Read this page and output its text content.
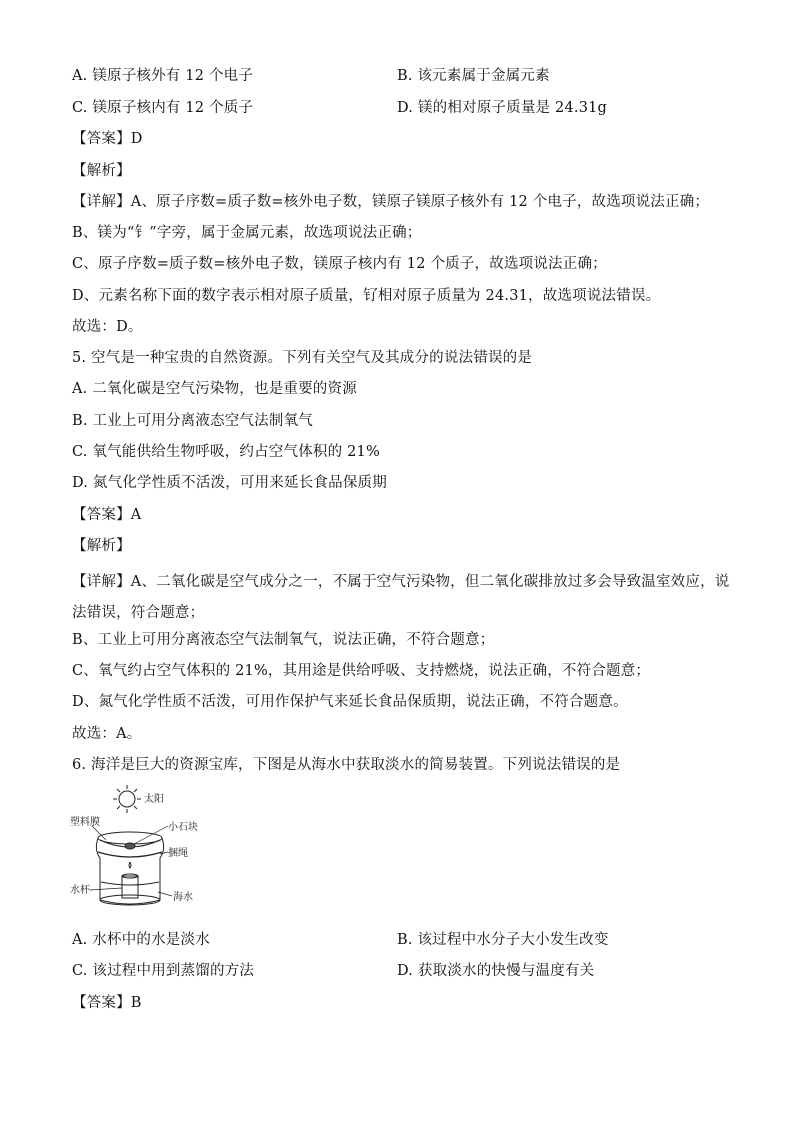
A. 镁原子核外有 12 个电子	B. 该元素属于金属元素
C. 镁原子核内有 12 个质子	D. 镁的相对原子质量是 24.31g
【答案】D
【解析】
【详解】A、原子序数=质子数=核外电子数，镁原子镁原子核外有 12 个电子，故选项说法正确；
B、镁为“钅”字旁，属于金属元素，故选项说法正确；
C、原子序数=质子数=核外电子数，镁原子核内有 12 个质子，故选项说法正确；
D、元素名称下面的数字表示相对原子质量，钌相对原子质量为 24.31，故选项说法错误。
故选：D。
5. 空气是一种宝贵的自然资源。下列有关空气及其成分的说法错误的是
A. 二氧化碳是空气污染物，也是重要的资源
B. 工业上可用分离液态空气法制氧气
C. 氧气能供给生物呼吸，约占空气体积的 21%
D. 氮气化学性质不活泼，可用来延长食品保质期
【答案】A
【解析】
【详解】A、二氧化碳是空气成分之一，不属于空气污染物，但二氧化碳排放过多会导致温室效应，说法错误，符合题意；
B、工业上可用分离液态空气法制氧气，说法正确，不符合题意；
C、氧气约占空气体积的 21%，其用途是供给呼吸、支持燃烧，说法正确，不符合题意；
D、氮气化学性质不活泼，可用作保护气来延长食品保质期，说法正确，不符合题意。
故选：A。
6. 海洋是巨大的资源宝库，下图是从海水中获取淡水的简易装置。下列说法错误的是
太阳
塑料膜	小石块
捆绳
水杯
海水
A. 水杯中的水是淡水	B. 该过程中水分子大小发生改变
C. 该过程中用到蒸馏的方法	D. 获取淡水的快慢与温度有关
【答案】B
